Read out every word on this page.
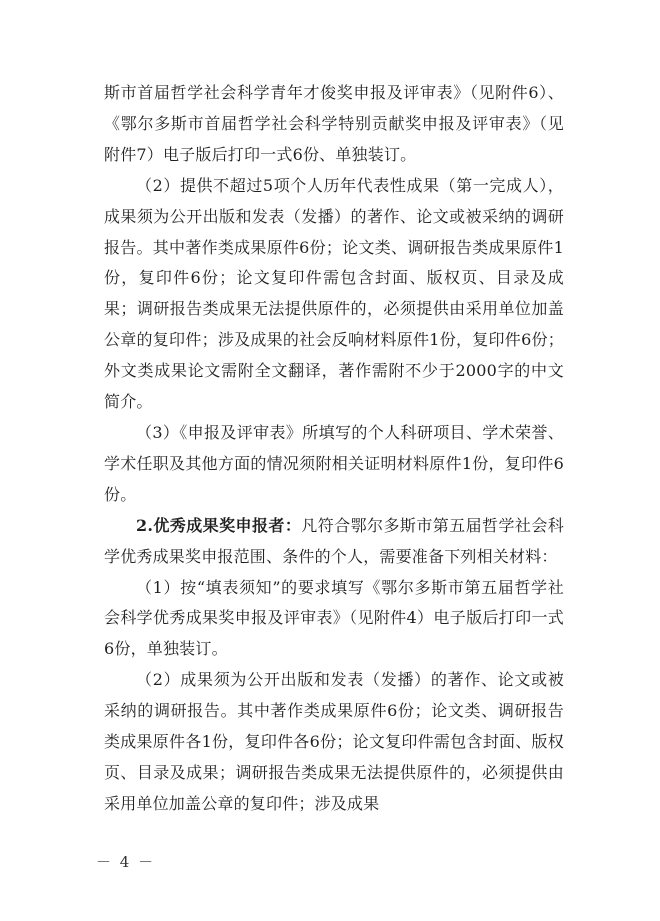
斯市首届哲学社会科学青年才俊奖申报及评审表》（见附件6）、《鄂尔多斯市首届哲学社会科学特别贡献奖申报及评审表》（见附件7）电子版后打印一式6份、单独装订。

（2）提供不超过5项个人历年代表性成果（第一完成人），成果须为公开出版和发表（发播）的著作、论文或被采纳的调研报告。其中著作类成果原件6份；论文类、调研报告类成果原件1份，复印件6份；论文复印件需包含封面、版权页、目录及成果；调研报告类成果无法提供原件的，必须提供由采用单位加盖公章的复印件；涉及成果的社会反响材料原件1份，复印件6份；外文类成果论文需附全文翻译，著作需附不少于2000字的中文简介。

（3）《申报及评审表》所填写的个人科研项目、学术荣誉、学术任职及其他方面的情况须附相关证明材料原件1份，复印件6份。

2.优秀成果奖申报者：凡符合鄂尔多斯市第五届哲学社会科学优秀成果奖申报范围、条件的个人，需要准备下列相关材料：

（1）按“填表须知”的要求填写《鄂尔多斯市第五届哲学社会科学优秀成果奖申报及评审表》（见附件4）电子版后打印一式6份，单独装订。

（2）成果须为公开出版和发表（发播）的著作、论文或被采纳的调研报告。其中著作类成果原件6份；论文类、调研报告类成果原件各1份，复印件各6份；论文复印件需包含封面、版权页、目录及成果；调研报告类成果无法提供原件的，必须提供由采用单位加盖公章的复印件；涉及成果

－ 4 －
